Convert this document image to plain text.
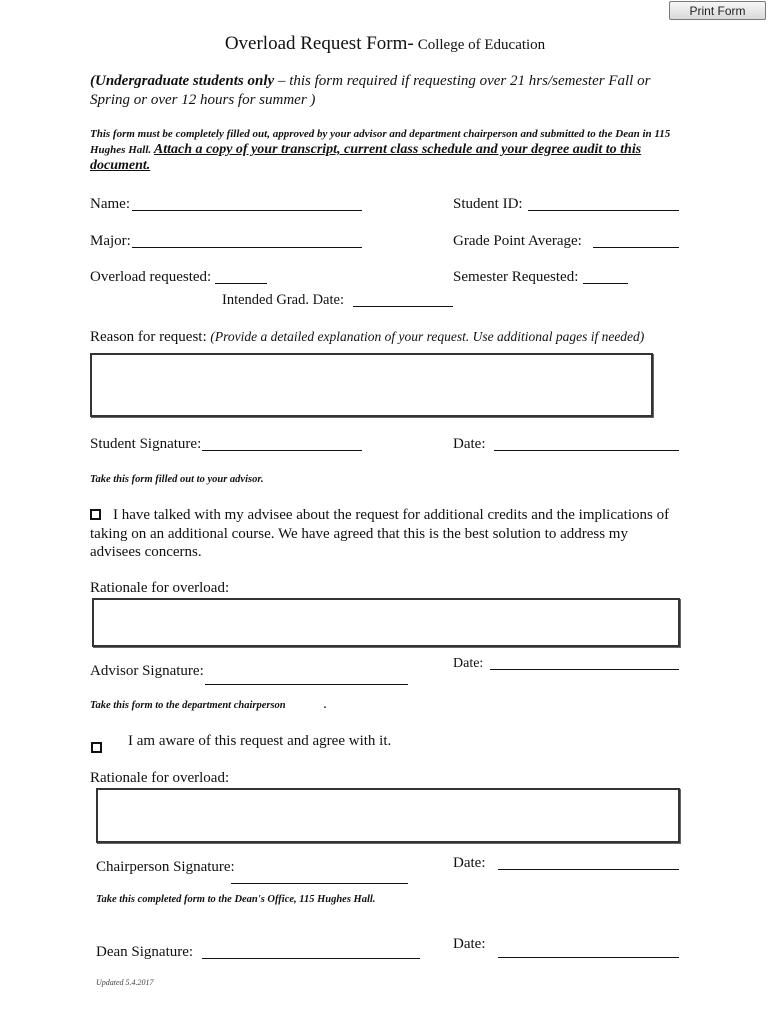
Print Form
Overload Request Form- College of Education
(Undergraduate students only – this form required if requesting over 21 hrs/semester Fall or
Spring or over 12 hours for summer )
This form must be completely filled out, approved by your advisor and department chairperson and submitted to the Dean in 115 Hughes Hall. Attach a copy of your transcript, current class schedule and your degree audit to this document.
Name:	Student ID:
Major:	Grade Point Average:
Overload requested:	Semester Requested:
Intended Grad. Date:
Reason for request: (Provide a detailed explanation of your request. Use additional pages if needed)
Student Signature:	Date:
Take this form filled out to your advisor.
I have talked with my advisee about the request for additional credits and the implications of
taking on an additional course. We have agreed that this is the best solution to address my
advisees concerns.
Rationale for overload:
Advisor Signature:	Date:
Take this form to the department chairperson	.
I am aware of this request and agree with it.
Rationale for overload:
Chairperson Signature:	Date:
Take this completed form to the Dean's Office, 115 Hughes Hall.
Dean Signature:	Date:
Updated 5.4.2017
